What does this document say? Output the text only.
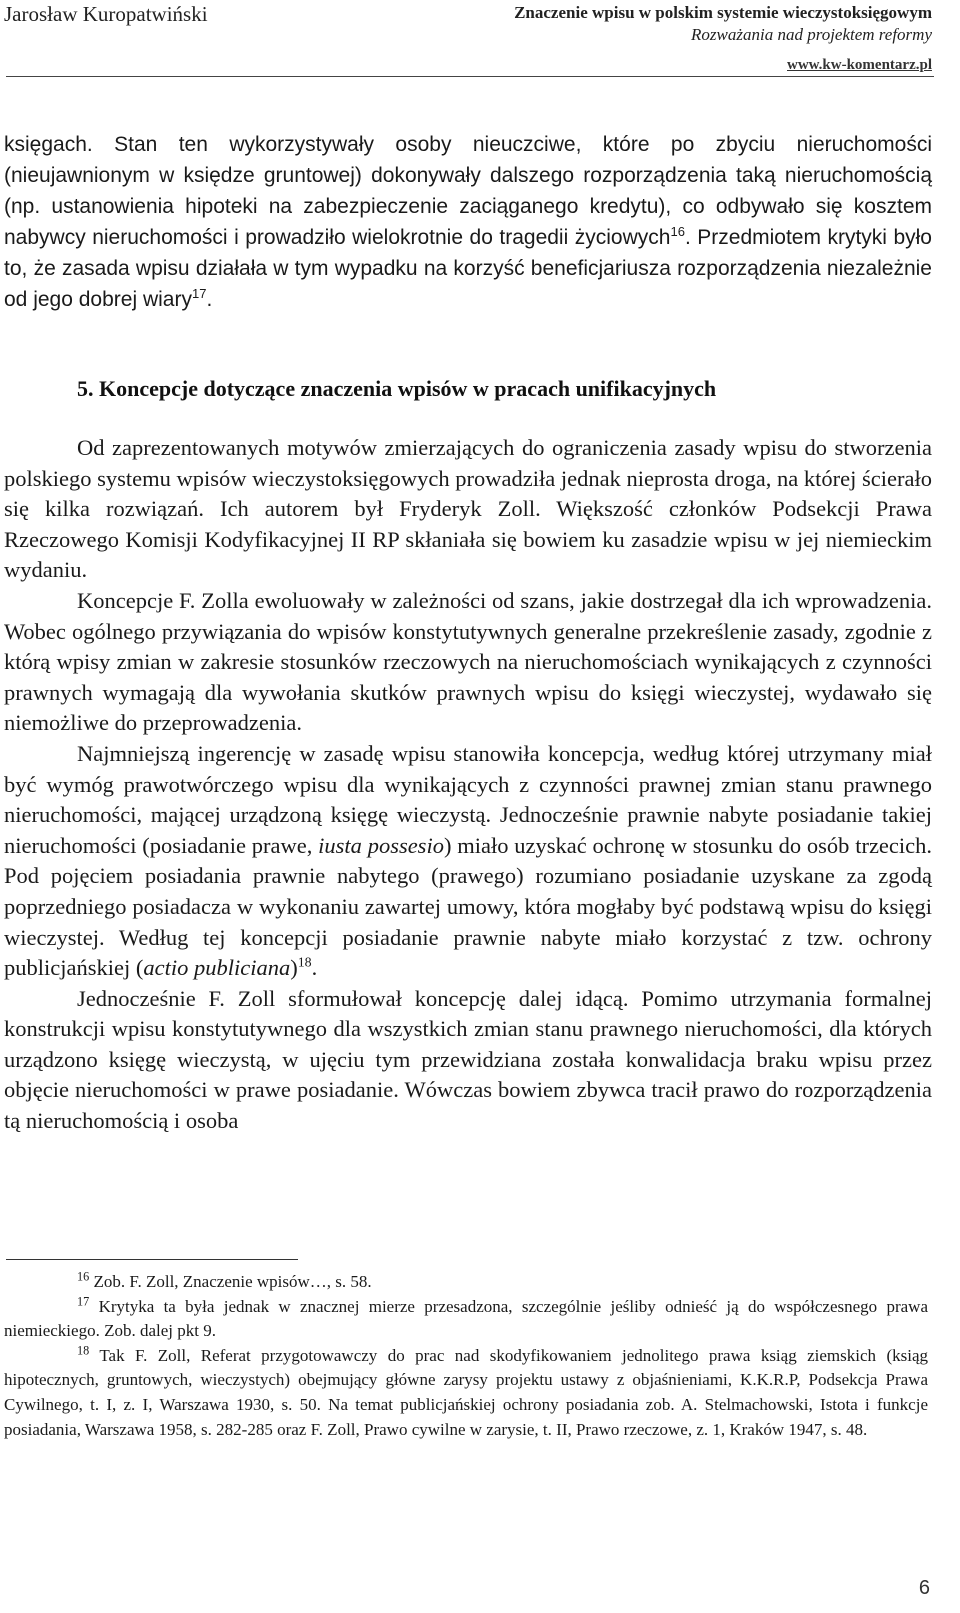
Jarosław Kuropatwiński	Znaczenie wpisu w polskim systemie wieczystoksięgowym
Rozważania nad projektem reformy
www.kw-komentarz.pl

księgach. Stan ten wykorzystywały osoby nieuczciwe, które po zbyciu nieruchomości (nieujawnionym w księdze gruntowej) dokonywały dalszego rozporządzenia taką nieruchomością (np. ustanowienia hipoteki na zabezpieczenie zaciąganego kredytu), co odbywało się kosztem nabywcy nieruchomości i prowadziło wielokrotnie do tragedii życiowych$^{16}$. Przedmiotem krytyki było to, że zasada wpisu działała w tym wypadku na korzyść beneficjariusza rozporządzenia niezależnie od jego dobrej wiary$^{17}$.

5. Koncepcje dotyczące znaczenia wpisów w pracach unifikacyjnych

Od zaprezentowanych motywów zmierzających do ograniczenia zasady wpisu do stworzenia polskiego systemu wpisów wieczystoksięgowych prowadziła jednak nieprosta droga, na której ścierało się kilka rozwiązań. Ich autorem był Fryderyk Zoll. Większość członków Podsekcji Prawa Rzeczowego Komisji Kodyfikacyjnej II RP skłaniała się bowiem ku zasadzie wpisu w jej niemieckim wydaniu.

Koncepcje F. Zolla ewoluowały w zależności od szans, jakie dostrzegał dla ich wprowadzenia. Wobec ogólnego przywiązania do wpisów konstytutywnych generalne przekreślenie zasady, zgodnie z którą wpisy zmian w zakresie stosunków rzeczowych na nieruchomościach wynikających z czynności prawnych wymagają dla wywołania skutków prawnych wpisu do księgi wieczystej, wydawało się niemożliwe do przeprowadzenia.

Najmniejszą ingerencję w zasadę wpisu stanowiła koncepcja, według której utrzymany miał być wymóg prawotwórczego wpisu dla wynikających z czynności prawnej zmian stanu prawnego nieruchomości, mającej urządzoną księgę wieczystą. Jednocześnie prawnie nabyte posiadanie takiej nieruchomości (posiadanie prawe, iusta possesio) miało uzyskać ochronę w stosunku do osób trzecich. Pod pojęciem posiadania prawnie nabytego (prawego) rozumiano posiadanie uzyskane za zgodą poprzedniego posiadacza w wykonaniu zawartej umowy, która mogłaby być podstawą wpisu do księgi wieczystej. Według tej koncepcji posiadanie prawnie nabyte miało korzystać z tzw. ochrony publicjańskiej (actio publiciana)$^{18}$.

Jednocześnie F. Zoll sformułował koncepcję dalej idącą. Pomimo utrzymania formalnej konstrukcji wpisu konstytutywnego dla wszystkich zmian stanu prawnego nieruchomości, dla których urządzono księgę wieczystą, w ujęciu tym przewidziana została konwalidacja braku wpisu przez objęcie nieruchomości w prawe posiadanie. Wówczas bowiem zbywca tracił prawo do rozporządzenia tą nieruchomością i osoba

$^{16}$ Zob. F. Zoll, Znaczenie wpisów…, s. 58.

$^{17}$ Krytyka ta była jednak w znacznej mierze przesadzona, szczególnie jeśliby odnieść ją do współczesnego prawa niemieckiego. Zob. dalej pkt 9.

$^{18}$ Tak F. Zoll, Referat przygotowawczy do prac nad skodyfikowaniem jednolitego prawa ksiąg ziemskich (ksiąg hipotecznych, gruntowych, wieczystych) obejmujący główne zarysy projektu ustawy z objaśnieniami, K.K.R.P, Podsekcja Prawa Cywilnego, t. I, z. I, Warszawa 1930, s. 50. Na temat publicjańskiej ochrony posiadania zob. A. Stelmachowski, Istota i funkcje posiadania, Warszawa 1958, s. 282-285 oraz F. Zoll, Prawo cywilne w zarysie, t. II, Prawo rzeczowe, z. 1, Kraków 1947, s. 48.

6
